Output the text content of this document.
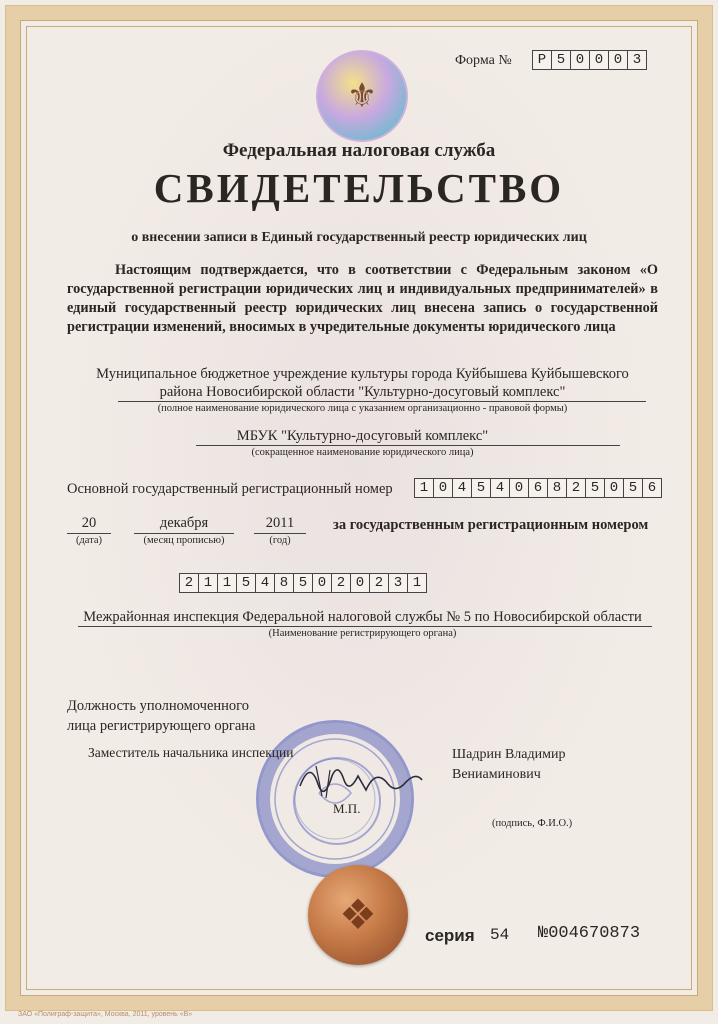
⚜
Форма №	Р 5 0 0 0 3
Федеральная налоговая служба
СВИДЕТЕЛЬСТВО
о внесении записи в Единый государственный реестр юридических лиц
Настоящим подтверждается, что в соответствии с Федеральным законом «О государственной регистрации юридических лиц и индивидуальных предпринимателей» в единый государственный реестр юридических лиц внесена запись о государственной регистрации изменений, вносимых в учредительные документы юридического лица
Муниципальное бюджетное учреждение культуры города Куйбышева Куйбышевского
района Новосибирской области "Культурно-досуговый комплекс"
(полное наименование юридического лица с указанием организационно - правовой формы)
МБУК "Культурно-досуговый комплекс"
(сокращенное наименование юридического лица)
Основной государственный регистрационный номер	1 0 4 5 4 0 6 8 2 5 0 5 6
20
(дата)
декабря
(месяц прописью)
2011
(год)
за государственным регистрационным номером
2 1 1 5 4 8 5 0 2 0 2 3 1
Межрайонная инспекция Федеральной налоговой службы № 5 по Новосибирской области
(Наименование регистрирующего органа)
Должность уполномоченного
лица регистрирующего органа
Заместитель начальника инспекции	Шадрин Владимир
Вениаминович
М.П.
(подпись, Ф.И.О.)
❖	серия 54 №004670873
ЗАО «Полиграф-защита», Москва, 2011, уровень «В»
